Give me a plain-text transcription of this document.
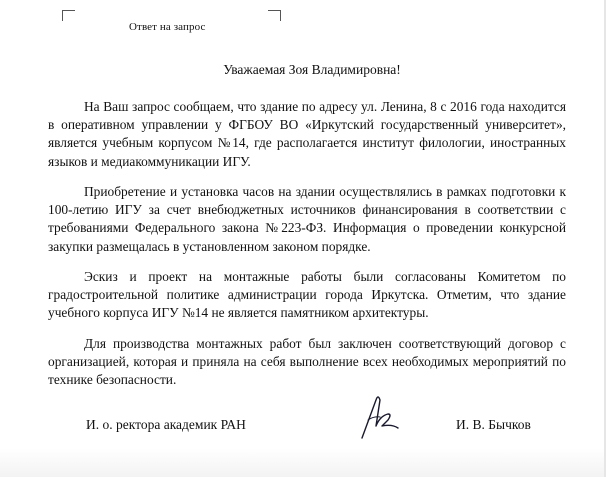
Ответ на запрос
Уважаемая Зоя Владимировна!

На Ваш запрос сообщаем, что здание по адресу ул. Ленина, 8 с 2016 года находится в оперативном управлении у ФГБОУ ВО «Иркутский государственный университет», является учебным корпусом №14, где располагается институт филологии, иностранных языков и медиакоммуникации ИГУ.

Приобретение и установка часов на здании осуществлялись в рамках подготовки к 100-летию ИГУ за счет внебюджетных источников финансирования в соответствии с требованиями Федерального закона №223-ФЗ. Информация о проведении конкурсной закупки размещалась в установленном законом порядке.

Эскиз и проект на монтажные работы были согласованы Комитетом по градостроительной политике администрации города Иркутска. Отметим, что здание учебного корпуса ИГУ №14 не является памятником архитектуры.

Для производства монтажных работ был заключен соответствующий договор с организацией, которая и приняла на себя выполнение всех необходимых мероприятий по технике безопасности.

И. о. ректора академик РАН	И. В. Бычков
